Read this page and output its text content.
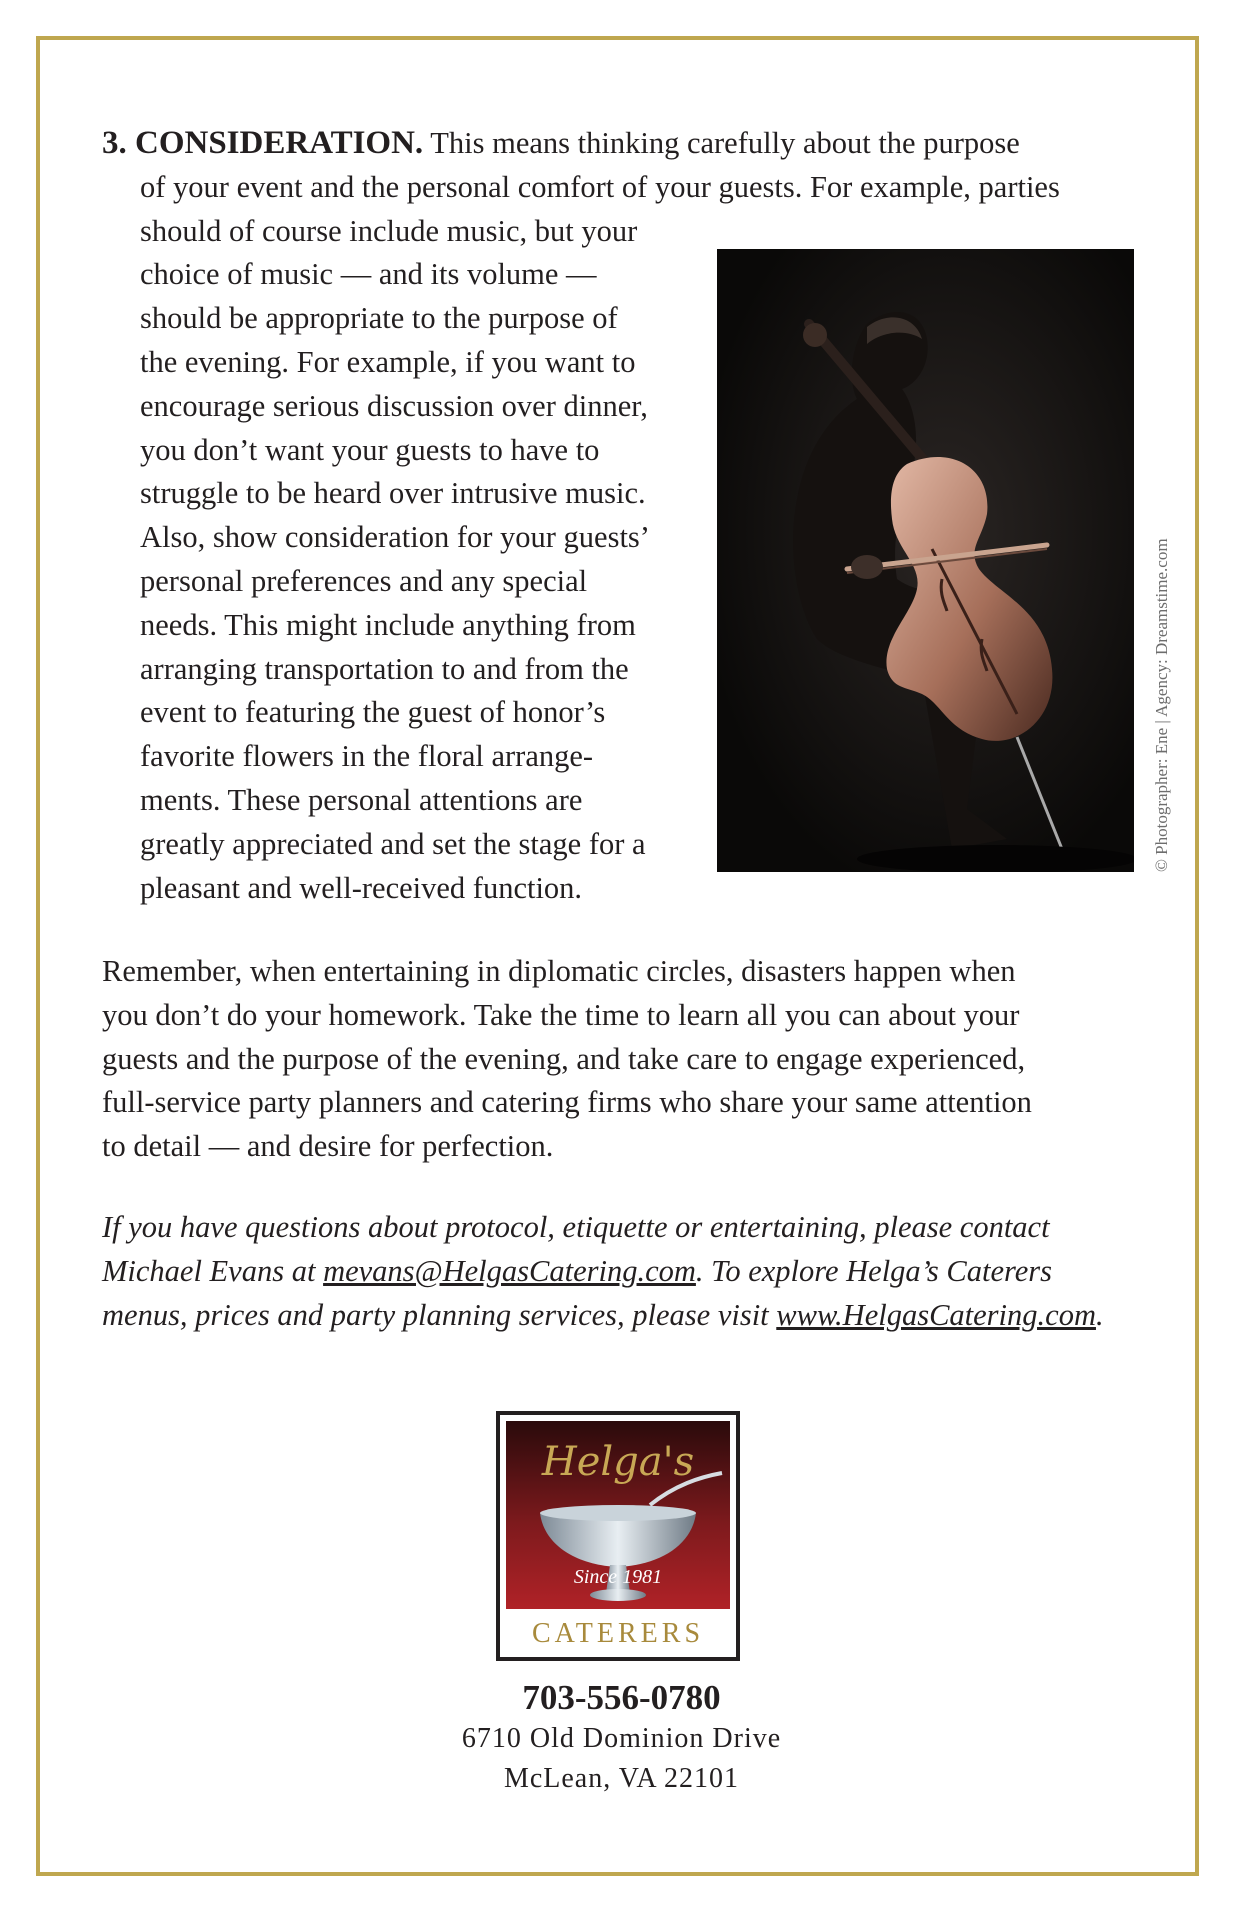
3. CONSIDERATION. This means thinking carefully about the purpose
of your event and the personal comfort of your guests. For example, parties
should of course include music, but your
choice of music — and its volume —
should be appropriate to the purpose of
the evening. For example, if you want to
encourage serious discussion over dinner,
you don’t want your guests to have to
struggle to be heard over intrusive music.
Also, show consideration for your guests’
personal preferences and any special
needs. This might include anything from
arranging transportation to and from the
event to featuring the guest of honor’s
favorite flowers in the floral arrange-
ments. These personal attentions are
greatly appreciated and set the stage for a
pleasant and well-received function.
© Photographer: Ene | Agency: Dreamstime.com
Remember, when entertaining in diplomatic circles, disasters happen when
you don’t do your homework. Take the time to learn all you can about your
guests and the purpose of the evening, and take care to engage experienced,
full-service party planners and catering firms who share your same attention
to detail — and desire for perfection.
If you have questions about protocol, etiquette or entertaining, please contact
Michael Evans at mevans@HelgasCatering.com. To explore Helga’s Caterers
menus, prices and party planning services, please visit www.HelgasCatering.com.
Helga's
Since 1981
CATERERS
703-556-0780
6710 Old Dominion Drive
McLean, VA 22101
